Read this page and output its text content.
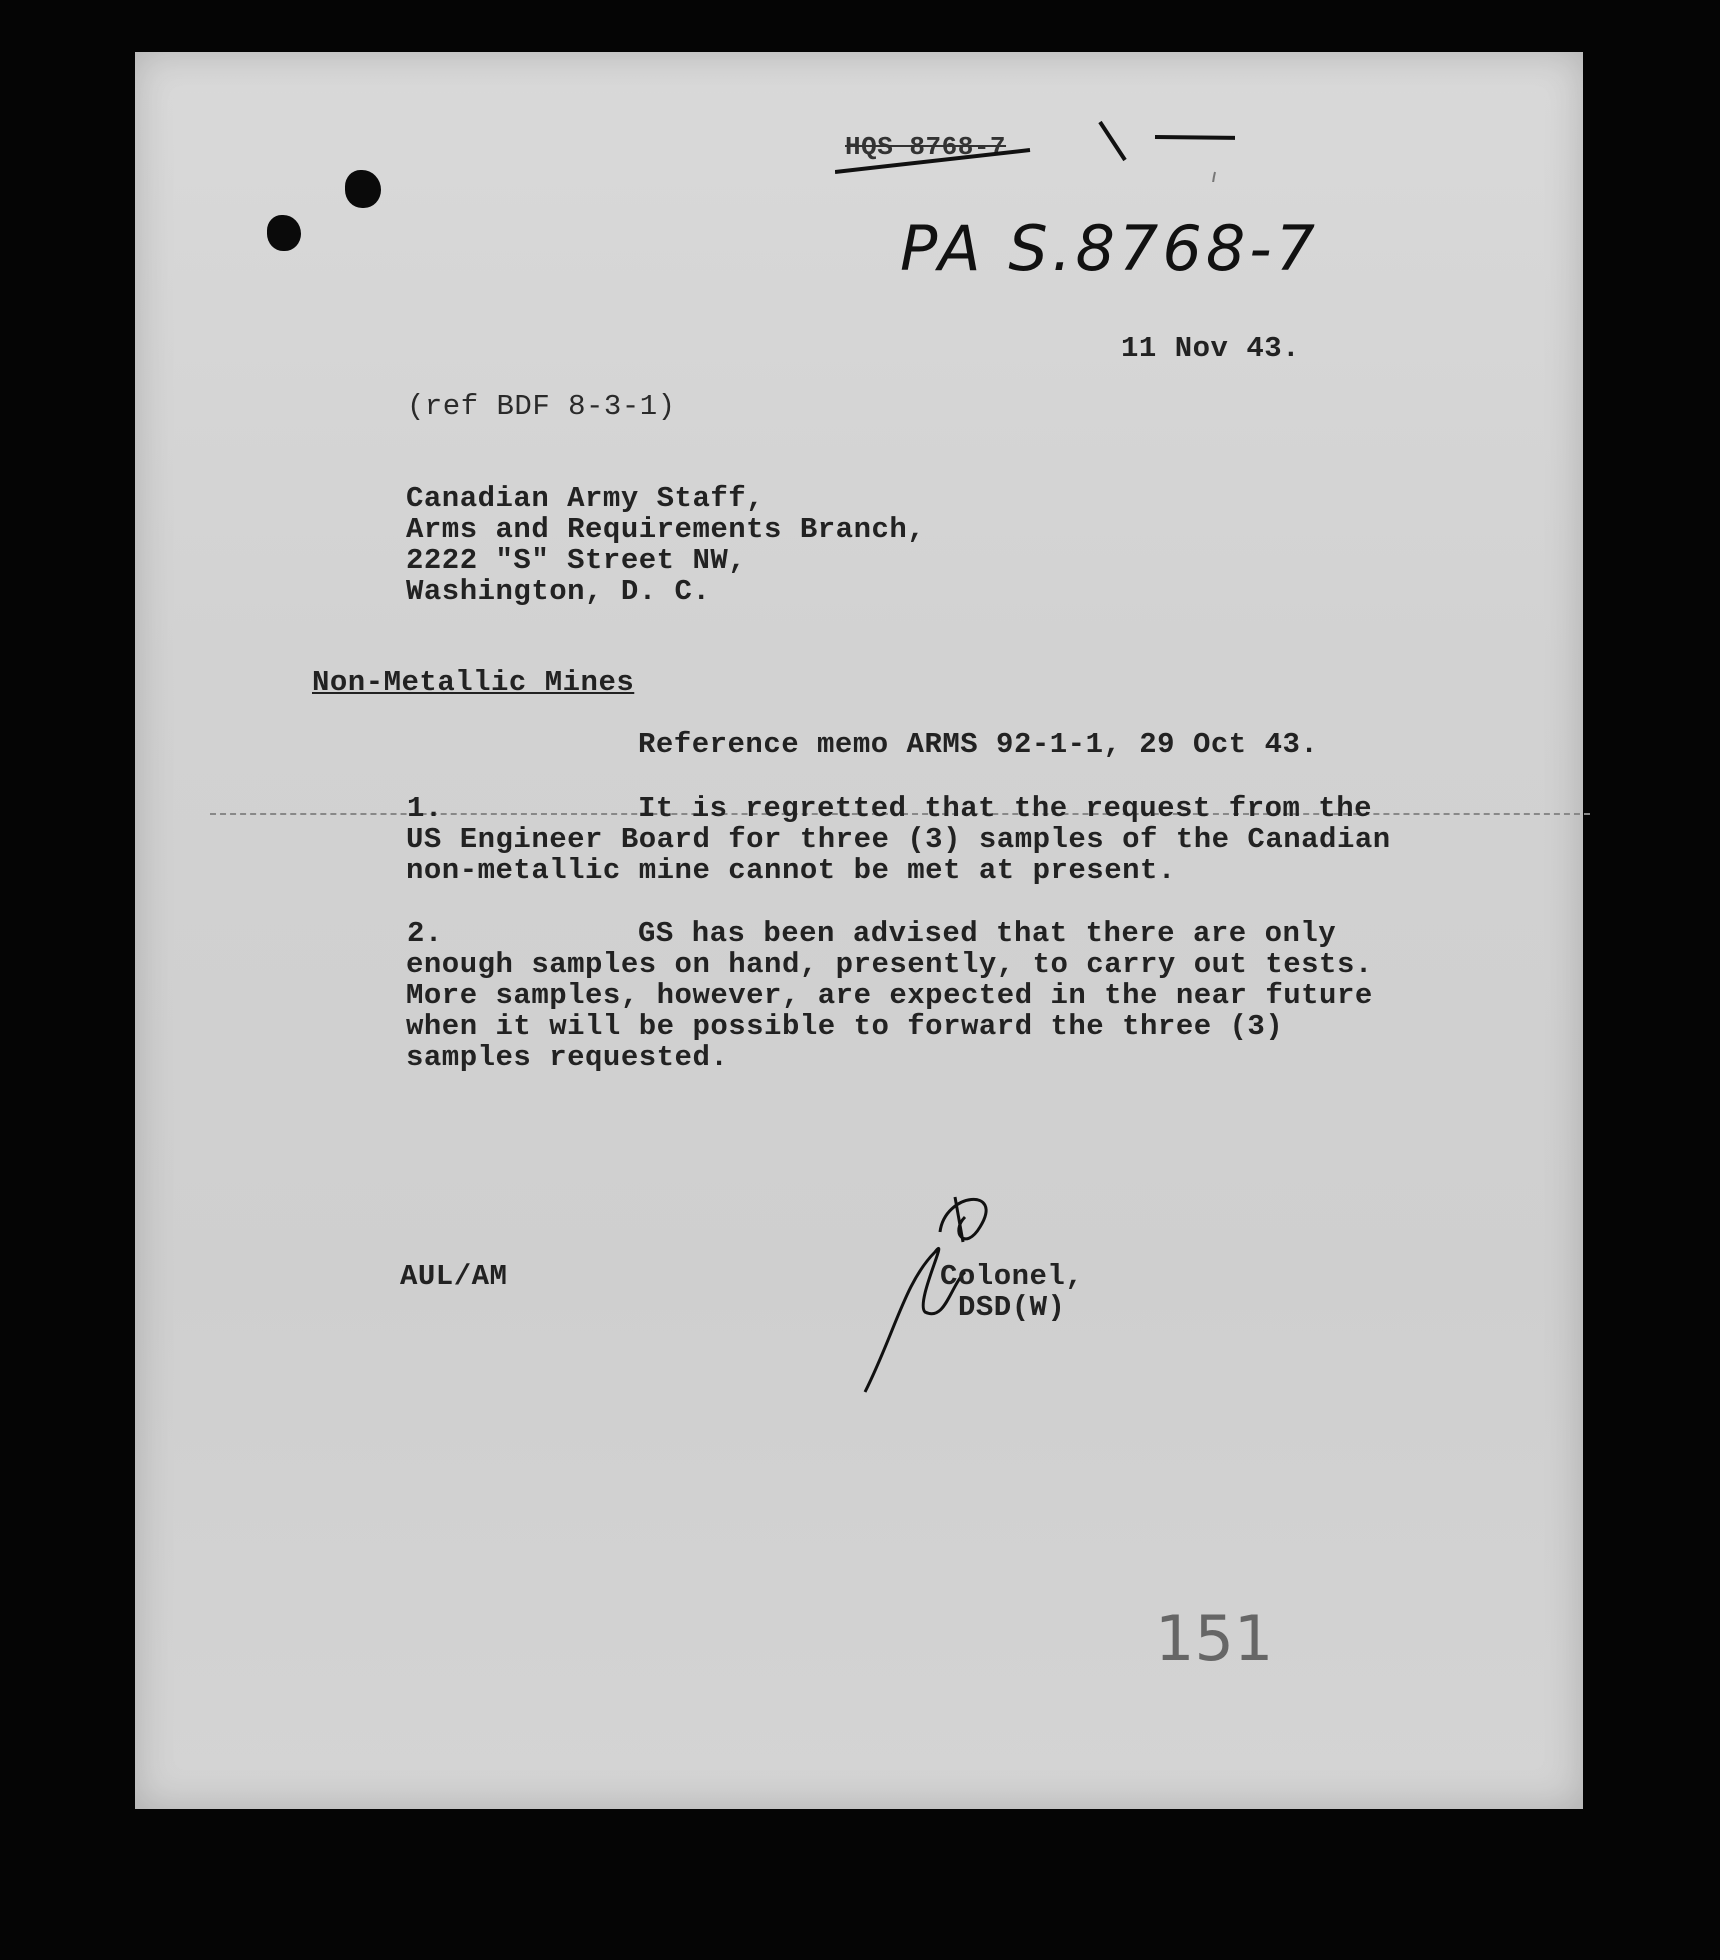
HQS 8768-7
PA S.8768-7
11 Nov 43.
(ref BDF 8-3-1)
Canadian Army Staff,
Arms and Requirements Branch,
2222 "S" Street NW,
Washington, D. C.
Non-Metallic Mines
Reference memo ARMS 92-1-1, 29 Oct 43.
1.	It is regretted that the request from the
US Engineer Board for three (3) samples of the Canadian
non-metallic mine cannot be met at present.
2.	GS has been advised that there are only
enough samples on hand, presently, to carry out tests.
More samples, however, are expected in the near future
when it will be possible to forward the three (3)
samples requested.
AUL/AM	Colonel,
DSD(W)
151
